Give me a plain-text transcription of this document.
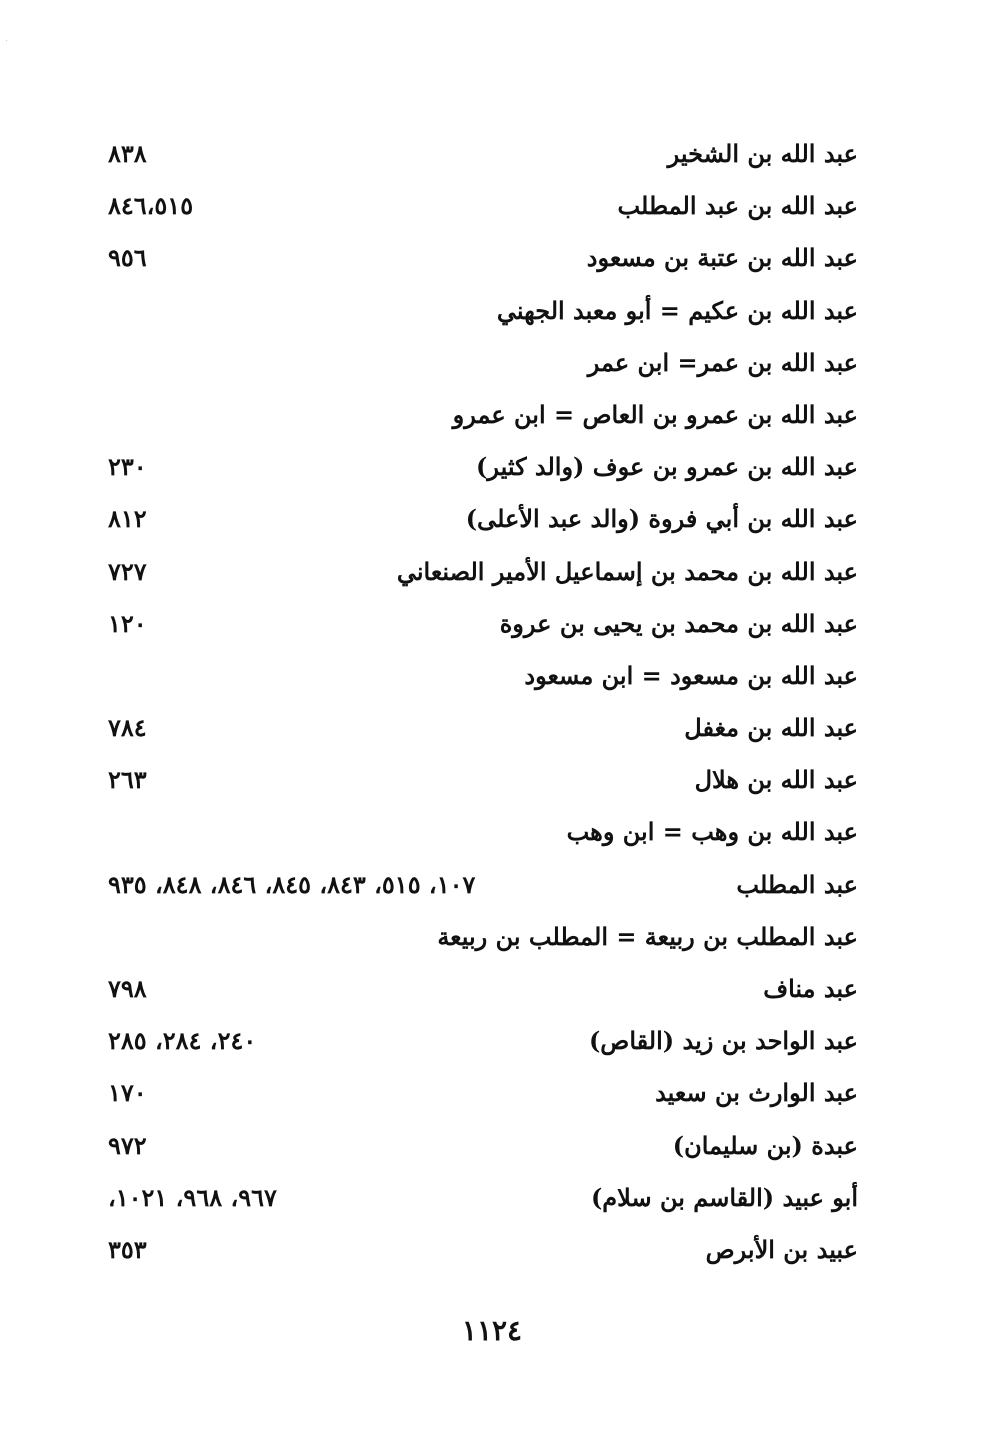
عبد الله بن الشخير
٨٣٨
عبد الله بن عبد المطلب
٨٤٦،٥١٥
عبد الله بن عتبة بن مسعود
٩٥٦
عبد الله بن عكيم = أبو معبد الجهني
عبد الله بن عمر= ابن عمر
عبد الله بن عمرو بن العاص = ابن عمرو
عبد الله بن عمرو بن عوف (والد كثير)
٢٣٠
عبد الله بن أبي فروة (والد عبد الأعلى)
٨١٢
عبد الله بن محمد بن إسماعيل الأمير الصنعاني
٧٢٧
عبد الله بن محمد بن يحيى بن عروة
١٢٠
عبد الله بن مسعود = ابن مسعود
عبد الله بن مغفل
٧٨٤
عبد الله بن هلال
٢٦٣
عبد الله بن وهب = ابن وهب
عبد المطلب
١٠٧، ٥١٥، ٨٤٣، ٨٤٥، ٨٤٦، ٨٤٨، ٩٣٥
عبد المطلب بن ربيعة = المطلب بن ربيعة
عبد مناف
٧٩٨
عبد الواحد بن زيد (القاص)
٢٤٠، ٢٨٤، ٢٨٥
عبد الوارث بن سعيد
١٧٠
عبدة (بن سليمان)
٩٧٢
أبو عبيد (القاسم بن سلام)
٩٦٧، ٩٦٨، ١٠٢١،
عبيد بن الأبرص
٣٥٣
١١٢٤
